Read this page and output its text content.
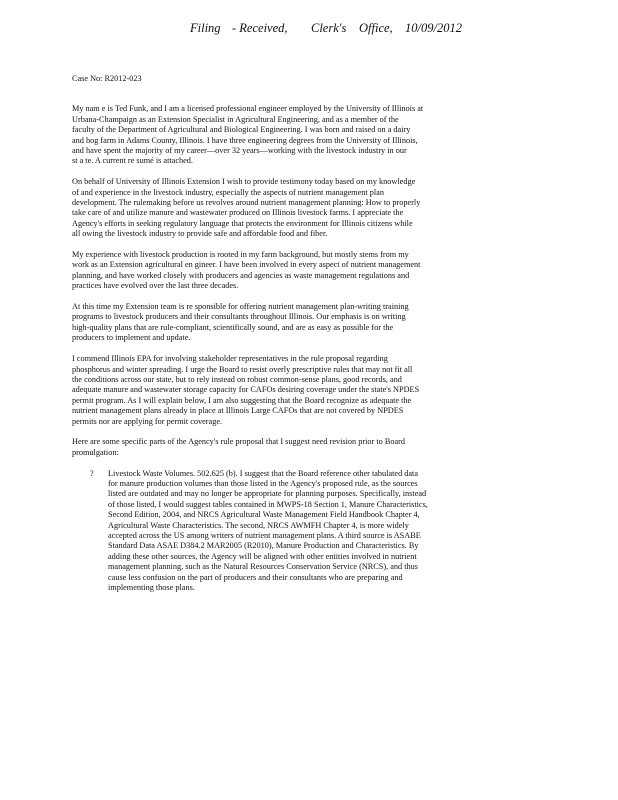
Filing - Received, Clerk's Office, 10/09/2012
Case No: R2012-023
My nam e is Ted Funk, and I am a licensed professional engineer employed by the University of Illinois at
Urbana-Champaign as an Extension Specialist in Agricultural Engineering, and as a member of the
faculty of the Department of Agricultural and Biological Engineering. I was born and raised on a dairy
and hog farm in Adams County, Illinois. I have three engineering degrees from the University of Illinois,
and have spent the majority of my career—over 32 years—working with the livestock industry in our
st a te. A current re sumé is attached.
On behalf of University of Illinois Extension I wish to provide testimony today based on my knowledge
of and experience in the livestock industry, especially the aspects of nutrient management plan
development. The rulemaking before us revolves around nutrient management planning: How to properly
take care of and utilize manure and wastewater produced on Illinois livestock farms. I appreciate the
Agency's efforts in seeking regulatory language that protects the environment for Illinois citizens while
all owing the livestock industry to provide safe and affordable food and fiber.
My experience with livestock production is rooted in my farm background, but mostly stems from my
work as an Extension agricultural en gineer. I have been involved in every aspect of nutrient management
planning, and have worked closely with producers and agencies as waste management regulations and
practices have evolved over the last three decades.
At this time my Extension team is re sponsible for offering nutrient management plan-writing training
programs to livestock producers and their consultants throughout Illinois. Our emphasis is on writing
high-quality plans that are rule-compliant, scientifically sound, and are as easy as possible for the
producers to implement and update.
I commend Illinois EPA for involving stakeholder representatives in the rule proposal regarding
phosphorus and winter spreading. I urge the Board to resist overly prescriptive rules that may not fit all
the conditions across our state, but to rely instead on robust common-sense plans, good records, and
adequate manure and wastewater storage capacity for CAFOs desiring coverage under the state's NPDES
permit program. As I will explain below, I am also suggesting that the Board recognize as adequate the
nutrient management plans already in place at Illinois Large CAFOs that are not covered by NPDES
permits nor are applying for permit coverage.
Here are some specific parts of the Agency's rule proposal that I suggest need revision prior to Board
promulgation:
? Livestock Waste Volumes. 502.625 (b). I suggest that the Board reference other tabulated data
for manure production volumes than those listed in the Agency's proposed rule, as the sources
listed are outdated and may no longer be appropriate for planning purposes. Specifically, instead
of those listed, I would suggest tables contained in MWPS-18 Section 1, Manure Characteristics,
Second Edition, 2004, and NRCS Agricultural Waste Management Field Handbook Chapter 4,
Agricultural Waste Characteristics. The second, NRCS AWMFH Chapter 4, is more widely
accepted across the US among writers of nutrient management plans. A third source is ASABE
Standard Data ASAE D384.2 MAR2005 (R2010), Manure Production and Characteristics. By
adding these other sources, the Agency will be aligned with other entities involved in nutrient
management planning, such as the Natural Resources Conservation Service (NRCS), and thus
cause less confusion on the part of producers and their consultants who are preparing and
implementing those plans.
